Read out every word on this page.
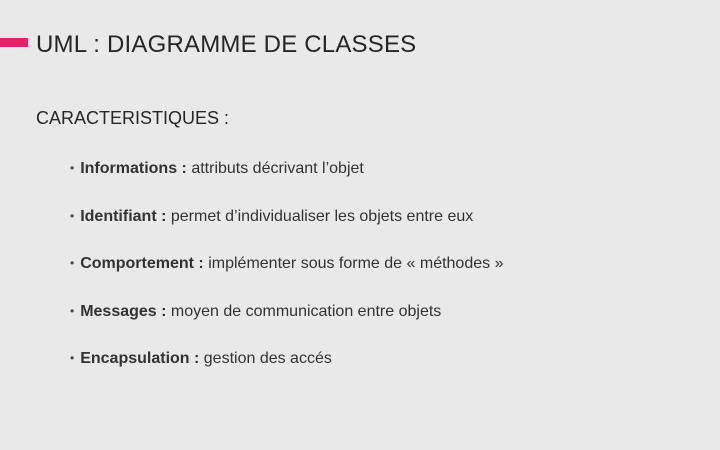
UML : DIAGRAMME DE CLASSES
CARACTERISTIQUES :
• Informations : attributs décrivant l’objet
• Identifiant : permet d’individualiser les objets entre eux
• Comportement : implémenter sous forme de « méthodes »
• Messages : moyen de communication entre objets
• Encapsulation : gestion des accés
